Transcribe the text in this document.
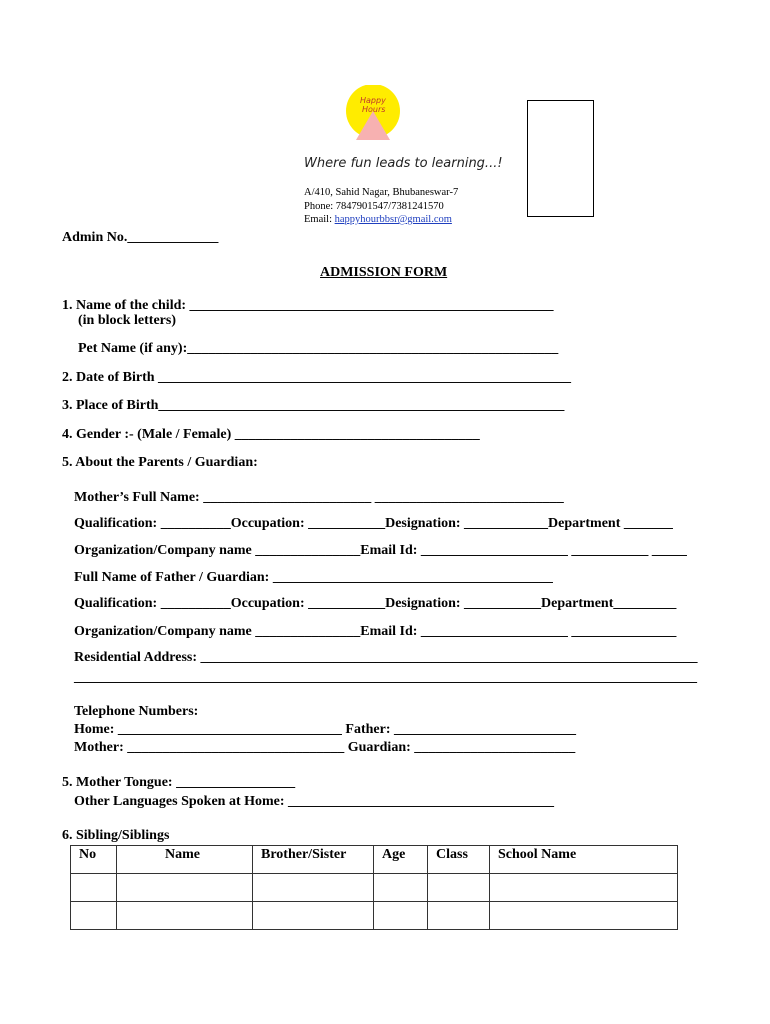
Happy
Hours
Where fun leads to learning...!
A/410, Sahid Nagar, Bhubaneswar-7
Phone: 7847901547/7381241570
Email: happyhourbbsr@gmail.com
Admin No._____________
ADMISSION FORM
1. Name of the child: ____________________________________________________
(in block letters)
Pet Name (if any):_____________________________________________________
2. Date of Birth ___________________________________________________________
3. Place of Birth__________________________________________________________
4. Gender :- (Male / Female) ___________________________________
5. About the Parents / Guardian:
Mother’s Full Name: ________________________ ___________________________
Qualification: __________Occupation: ___________Designation: ____________Department _______
Organization/Company name _______________Email Id: _____________________ ___________ _____
Full Name of Father / Guardian: ________________________________________
Qualification: __________Occupation: ___________Designation: ___________Department_________
Organization/Company name _______________Email Id: _____________________ _______________
Residential Address: _______________________________________________________________________
_________________________________________________________________________________________
Telephone Numbers:
Home: ________________________________ Father: __________________________
Mother: _______________________________ Guardian: _______________________
5. Mother Tongue: _________________
Other Languages Spoken at Home: ______________________________________
6. Sibling/Siblings
No	Name	Brother/Sister	Age	Class	School Name
